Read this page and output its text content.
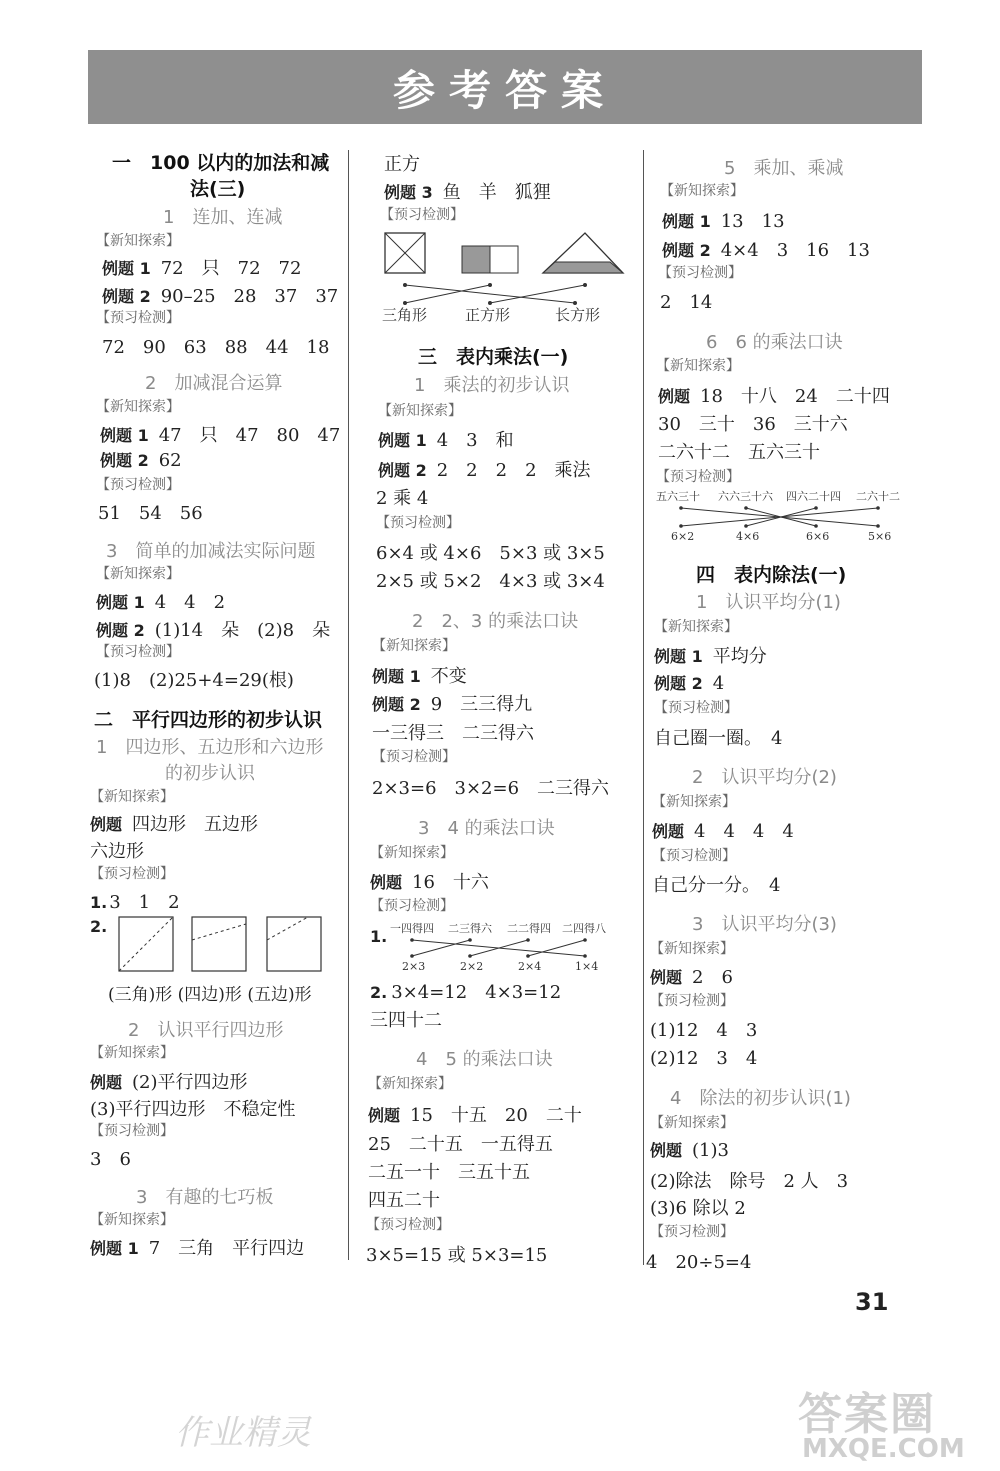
参考答案
一　100 以内的加法和减
法(三)
1　连加、连减
【新知探索】
例题 1 72　只　72　72
例题 2 90–25　28　37　37
【预习检测】
72　90　63　88　44　18
2　加减混合运算
【新知探索】
例题 1 47　只　47　80　47
例题 2 62
【预习检测】
51　54　56
3　简单的加减法实际问题
【新知探索】
例题 1 4　4　2
例题 2 (1)14　朵　(2)8　朵
【预习检测】
(1)8　(2)25+4=29(根)
二　平行四边形的初步认识
1　四边形、五边形和六边形
的初步认识
【新知探索】
例题 四边形　五边形
六边形
【预习检测】
1. 3　1　2
2.
(三角)形 (四边)形 (五边)形
2　认识平行四边形
【新知探索】
例题 (2)平行四边形
(3)平行四边形　不稳定性
【预习检测】
3　6
3　有趣的七巧板
【新知探索】
例题 1 7　三角　平行四边
正方
例题 3 鱼　羊　狐狸
【预习检测】
三角形	正方形	长方形
三　表内乘法(一)
1　乘法的初步认识
【新知探索】
例题 1 4　3　和
例题 2 2　2　2　2　乘法
2 乘 4
【预习检测】
6×4 或 4×6　5×3 或 3×5
2×5 或 5×2　4×3 或 3×4
2　2、3 的乘法口诀
【新知探索】
例题 1 不变
例题 2 9　三三得九
一三得三　二三得六
【预习检测】
2×3=6　3×2=6　二三得六
3　4 的乘法口诀
【新知探索】
例题 16　十六
【预习检测】
1. 一四得四 二三得六 二二得四 二四得八
2×3	2×2	2×4	1×4
2. 3×4=12　4×3=12
三四十二
4　5 的乘法口诀
【新知探索】
例题 15　十五　20　二十
25　二十五　一五得五
二五一十　三五十五
四五二十
【预习检测】
3×5=15 或 5×3=15
5　乘加、乘减
【新知探索】
例题 1 13　13
例题 2 4×4　3　16　13
【预习检测】
2　14
6　6 的乘法口诀
【新知探索】
例题 18　十八　24　二十四
30　三十　36　三十六
二六十二　五六三十
【预习检测】
五六三十 六六三十六 四六二十四 二六十二
6×2	4×6	6×6	5×6
四　表内除法(一)
1　认识平均分(1)
【新知探索】
例题 1 平均分
例题 2 4
【预习检测】
自己圈一圈。　4
2　认识平均分(2)
【新知探索】
例题 4　4　4　4
【预习检测】
自己分一分。　4
3　认识平均分(3)
【新知探索】
例题 2　6
【预习检测】
(1)12　4　3
(2)12　3　4
4　除法的初步认识(1)
【新知探索】
例题 (1)3
(2)除法　除号　2 人　3
(3)6 除以 2
【预习检测】
4　20÷5=4
31
作业精灵	答案圈
MXQE.COM
